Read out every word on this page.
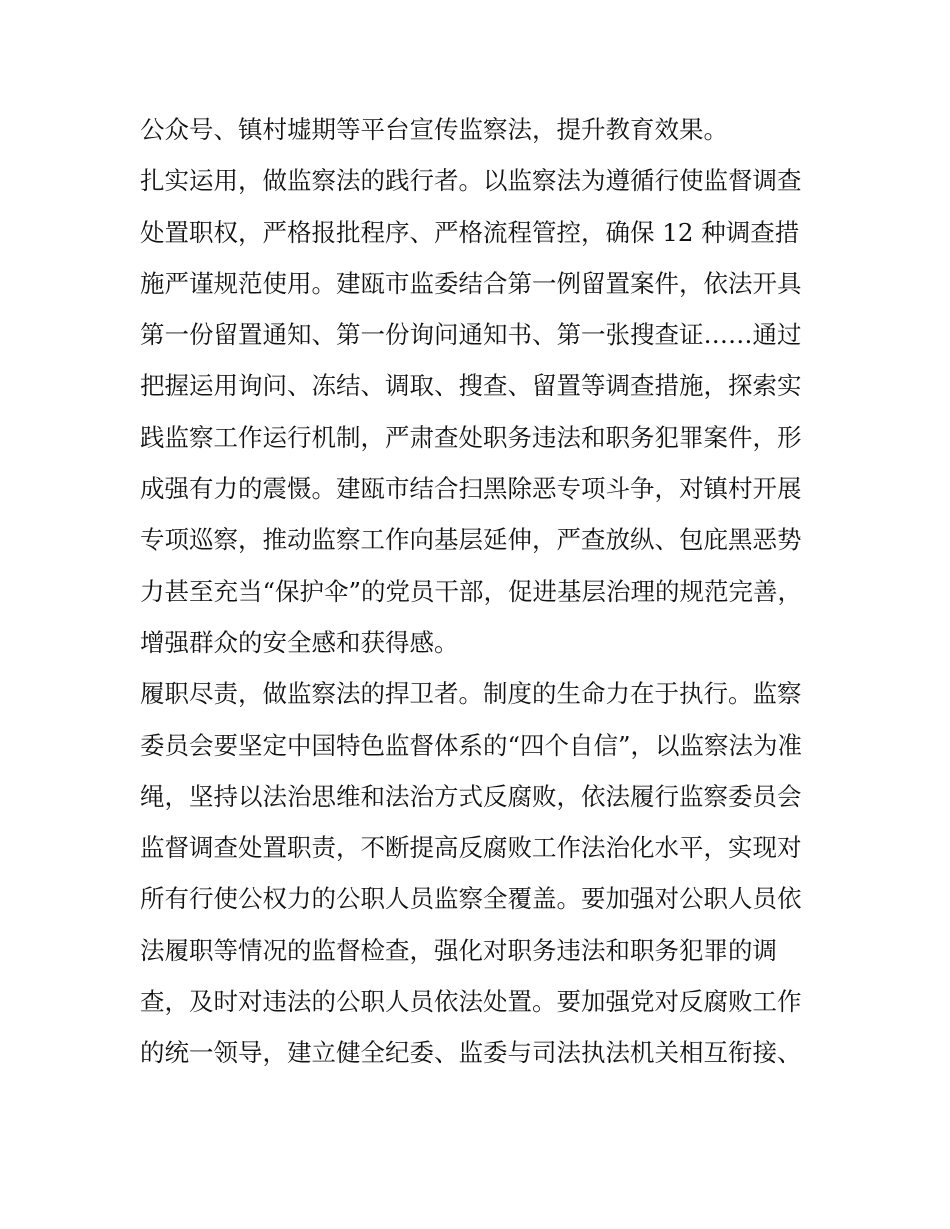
公众号、镇村墟期等平台宣传监察法，提升教育效果。
扎实运用，做监察法的践行者。以监察法为遵循行使监督调查
处置职权，严格报批程序、严格流程管控，确保 12 种调查措
施严谨规范使用。建瓯市监委结合第一例留置案件，依法开具
第一份留置通知、第一份询问通知书、第一张搜查证……通过
把握运用询问、冻结、调取、搜查、留置等调查措施，探索实
践监察工作运行机制，严肃查处职务违法和职务犯罪案件，形
成强有力的震慑。建瓯市结合扫黑除恶专项斗争，对镇村开展
专项巡察，推动监察工作向基层延伸，严查放纵、包庇黑恶势
力甚至充当“保护伞”的党员干部，促进基层治理的规范完善，
增强群众的安全感和获得感。
履职尽责，做监察法的捍卫者。制度的生命力在于执行。监察
委员会要坚定中国特色监督体系的“四个自信”，以监察法为准
绳，坚持以法治思维和法治方式反腐败，依法履行监察委员会
监督调查处置职责，不断提高反腐败工作法治化水平，实现对
所有行使公权力的公职人员监察全覆盖。要加强对公职人员依
法履职等情况的监督检查，强化对职务违法和职务犯罪的调
查，及时对违法的公职人员依法处置。要加强党对反腐败工作
的统一领导，建立健全纪委、监委与司法执法机关相互衔接、
